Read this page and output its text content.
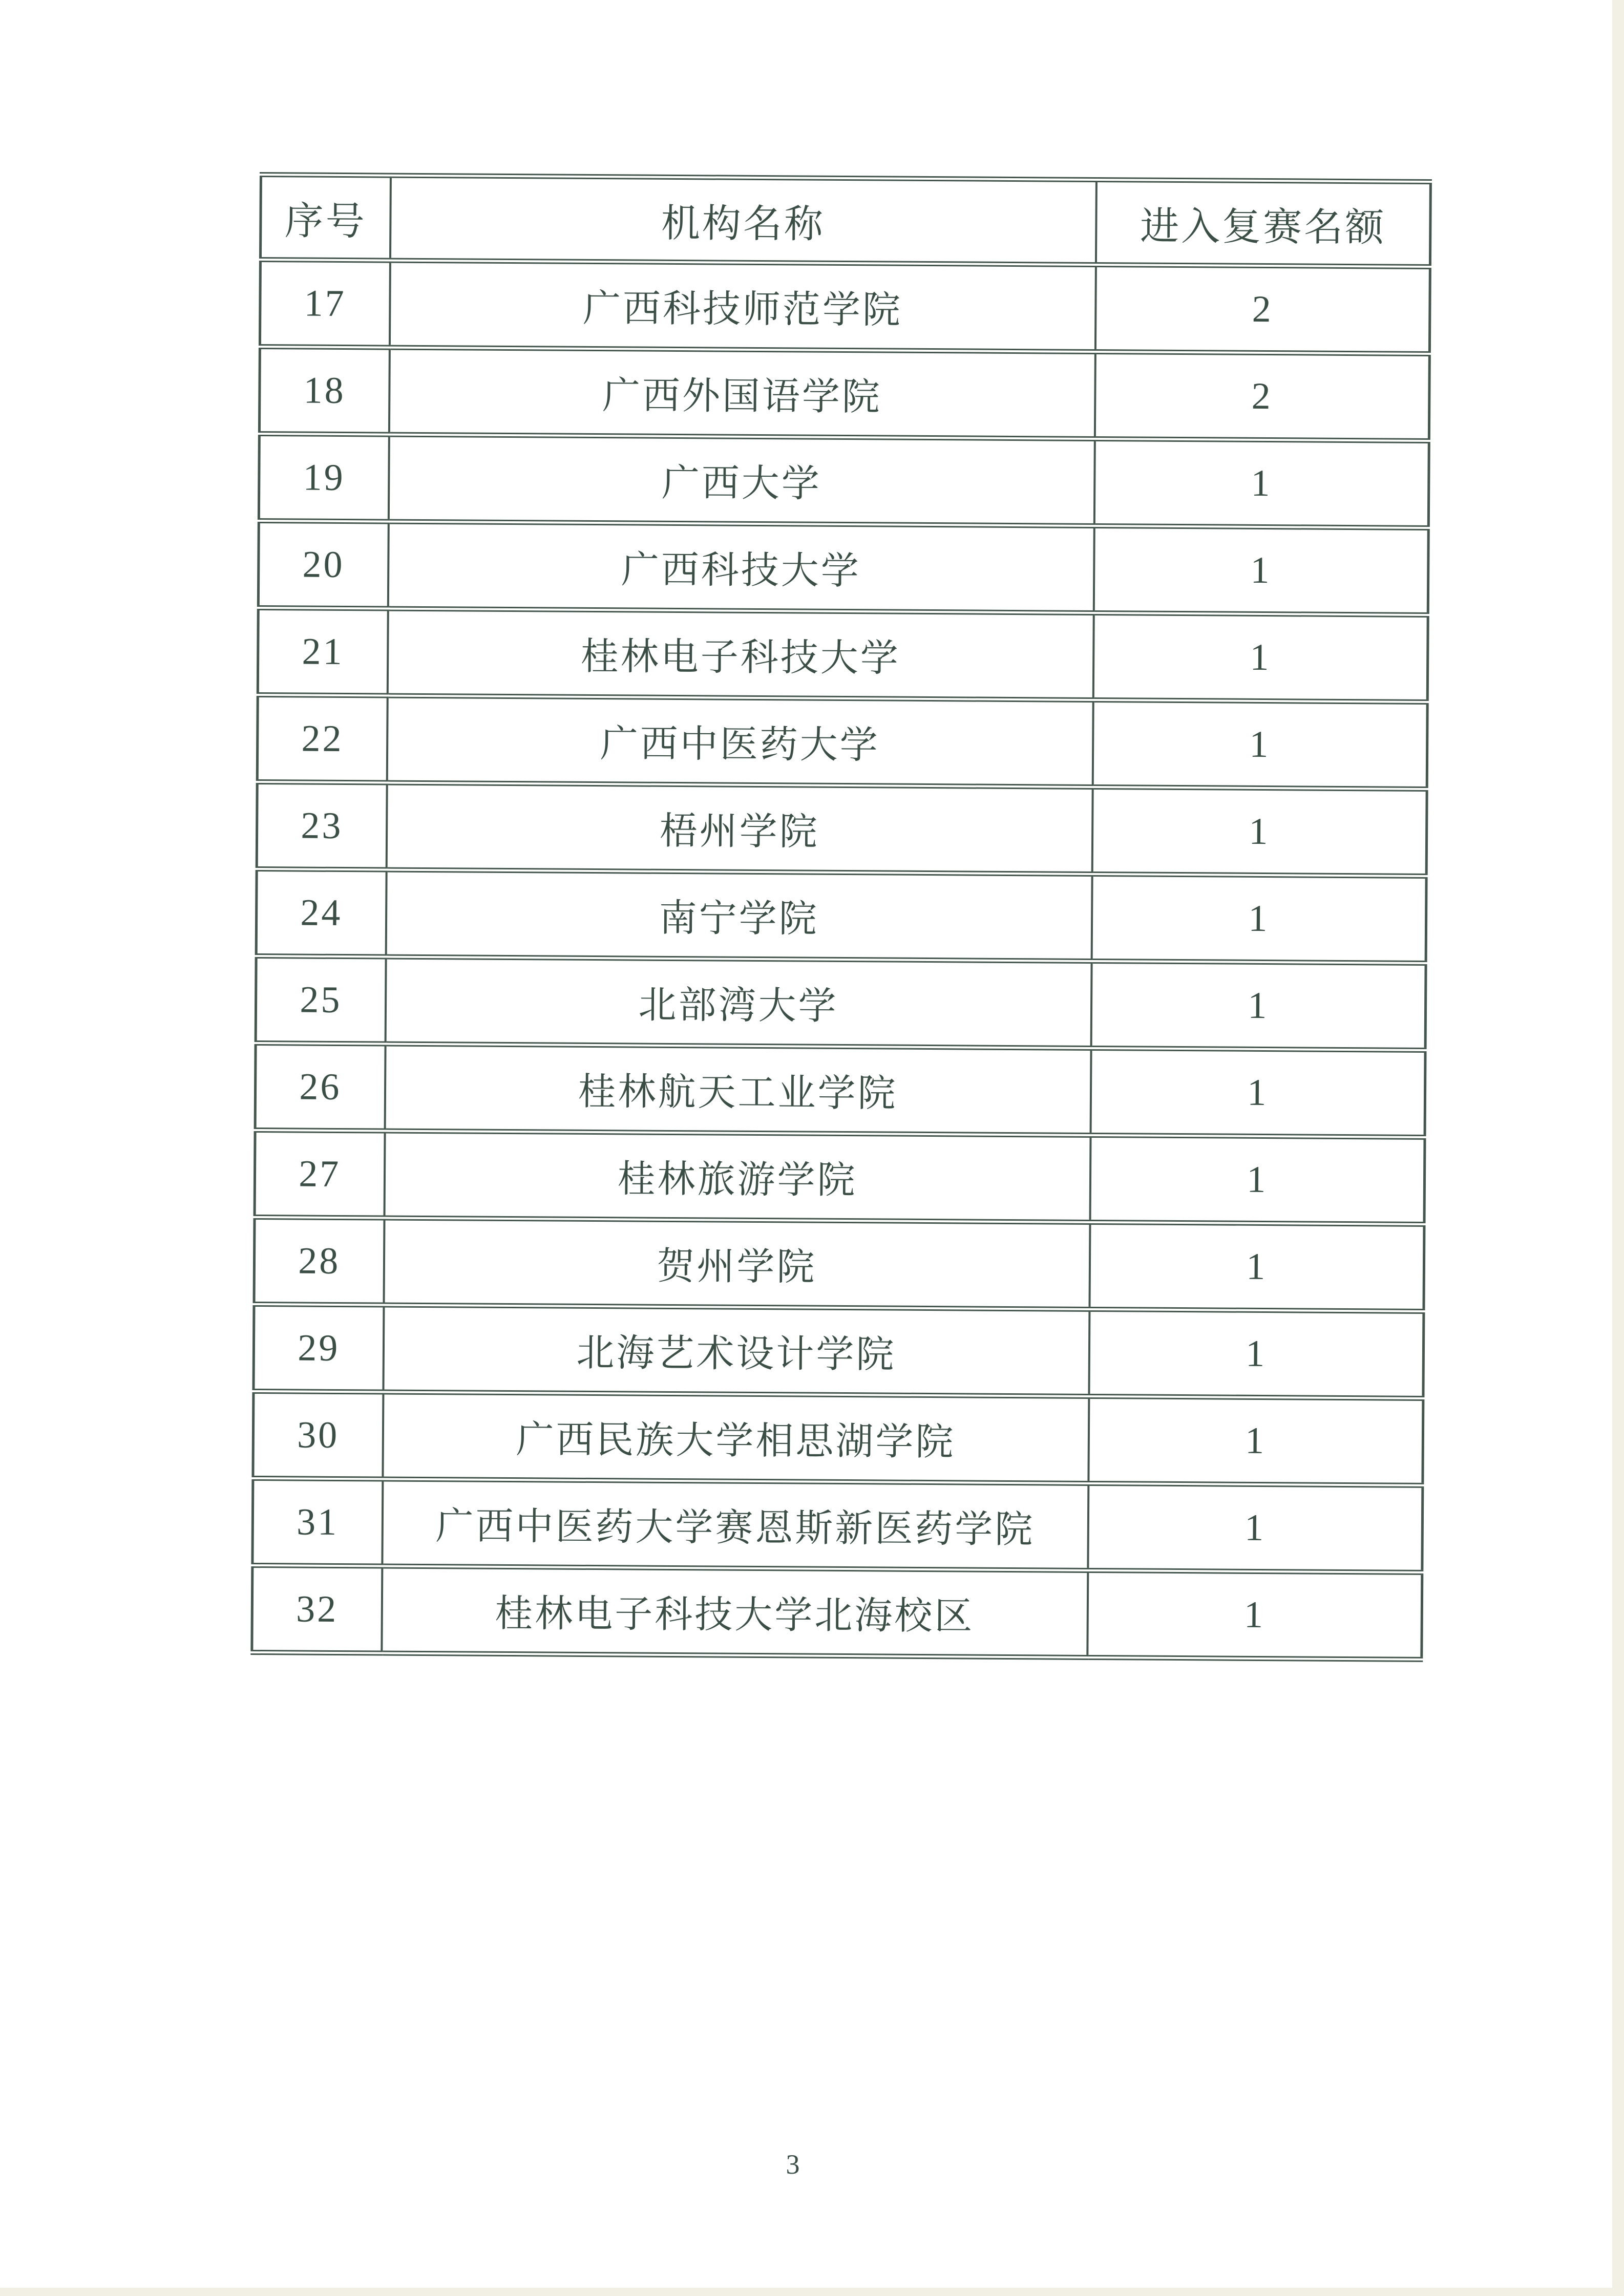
序号	机构名称	进入复赛名额
17	广西科技师范学院	2
18	广西外国语学院	2
19	广西大学	1
20	广西科技大学	1
21	桂林电子科技大学	1
22	广西中医药大学	1
23	梧州学院	1
24	南宁学院	1
25	北部湾大学	1
26	桂林航天工业学院	1
27	桂林旅游学院	1
28	贺州学院	1
29	北海艺术设计学院	1
30	广西民族大学相思湖学院	1
31	广西中医药大学赛恩斯新医药学院	1
32	桂林电子科技大学北海校区	1
3
